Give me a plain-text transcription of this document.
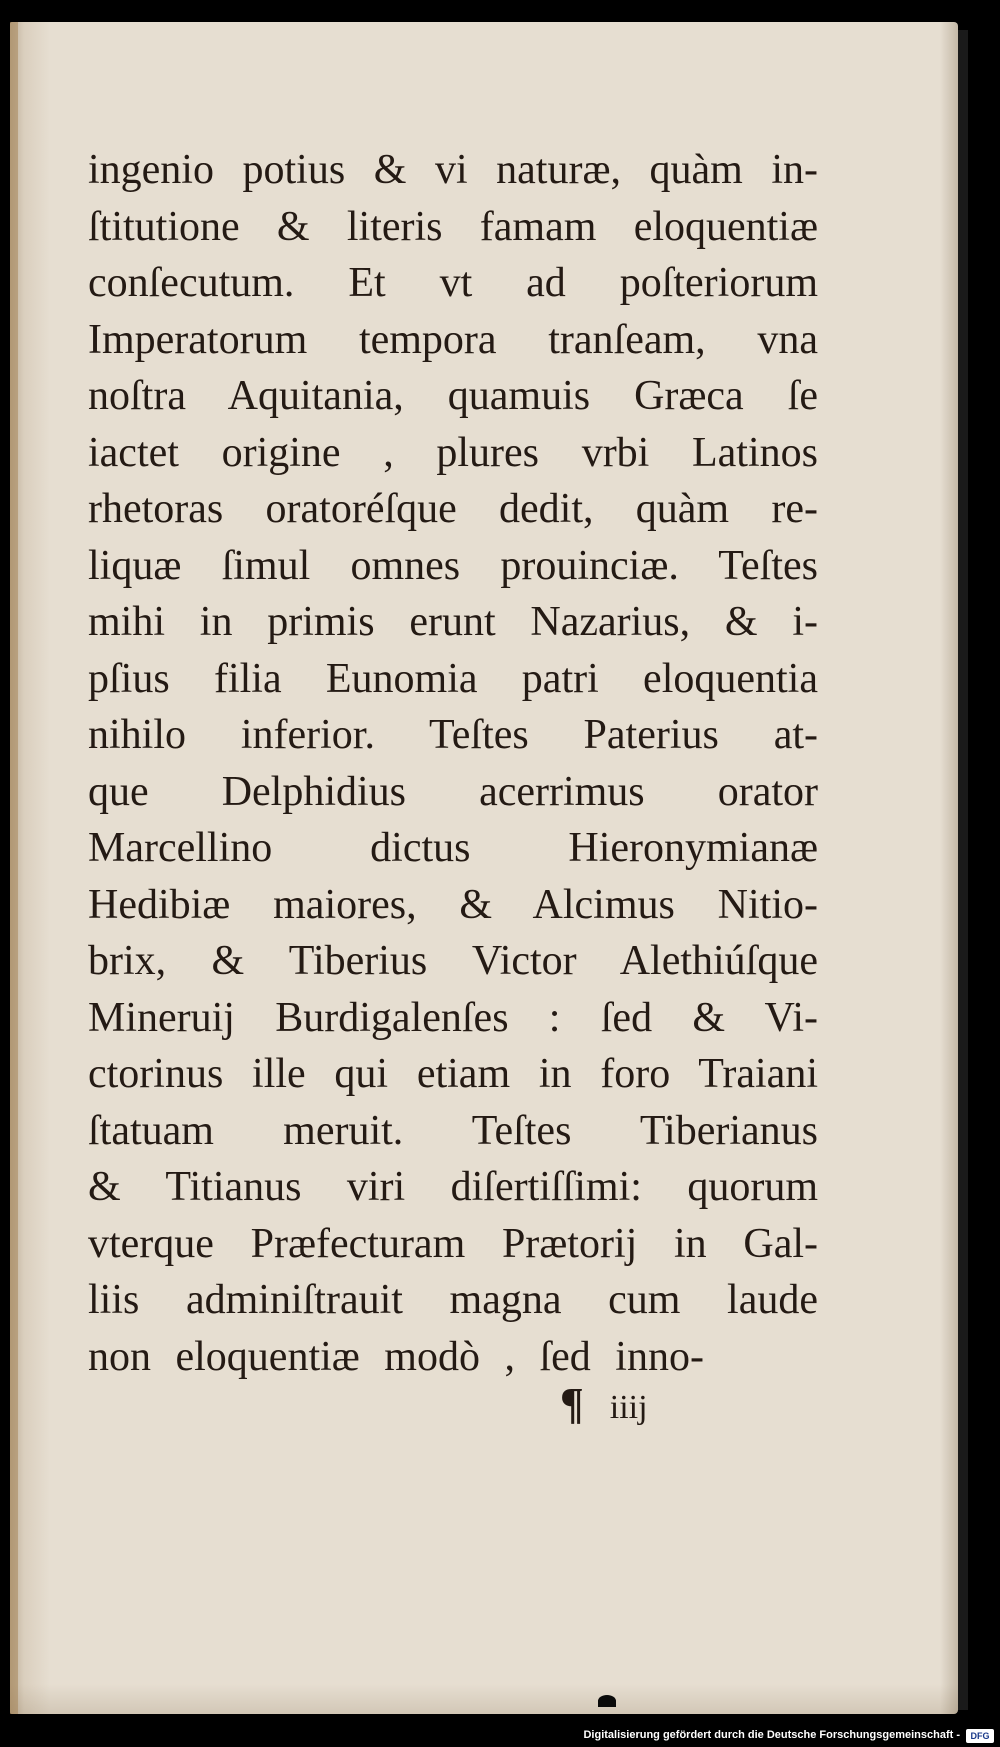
ingenio potius & vi naturæ, quàm in-
ſtitutione & literis famam eloquentiæ
conſecutum. Et vt ad poſteriorum
Imperatorum tempora tranſeam, vna
noſtra Aquitania, quamuis Græca ſe
iactet origine , plures vrbi Latinos
rhetoras oratoréſque dedit, quàm re-
liquæ ſimul omnes prouinciæ. Teſtes
mihi in primis erunt Nazarius, & i-
pſius filia Eunomia patri eloquentia
nihilo inferior. Teſtes Paterius at-
que Delphidius acerrimus orator
Marcellino dictus Hieronymianæ
Hedibiæ maiores, & Alcimus Nitio-
brix, & Tiberius Victor Alethiúſque
Mineruij Burdigalenſes : ſed & Vi-
ctorinus ille qui etiam in foro Traiani
ſtatuam meruit. Teſtes Tiberianus
& Titianus viri diſertiſſimi: quorum
vterque Præfecturam Prætorij in Gal-
liis adminiſtrauit magna cum laude
non eloquentiæ modò , ſed inno-
¶ iiij
Digitalisierung gefördert durch die Deutsche Forschungsgemeinschaft -	DFG
